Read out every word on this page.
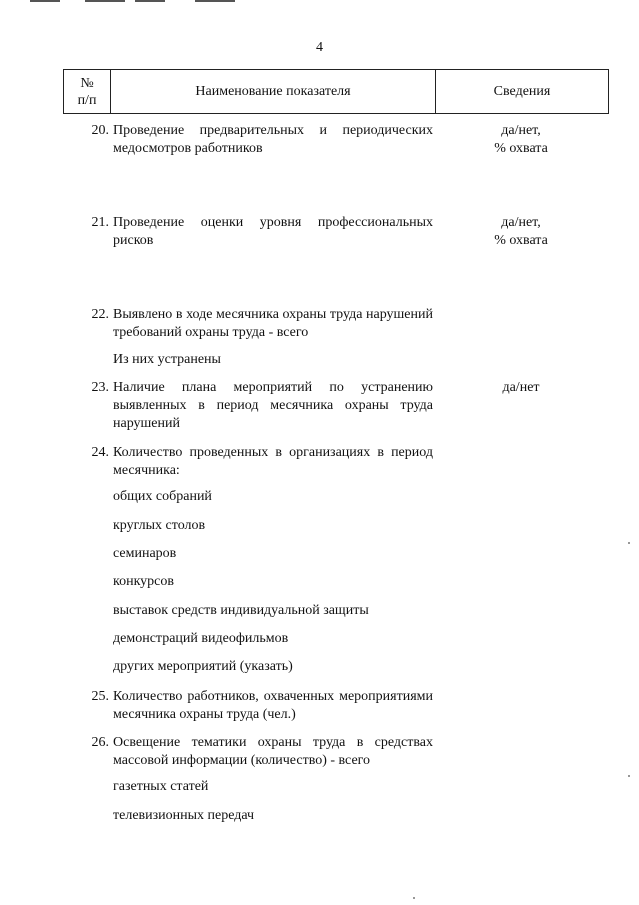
4
№
п/п
Наименование показателя	Сведения
20. Проведение предварительных и периодических медосмотров работников
да/нет,
% охвата
21. Проведение оценки уровня профессиональных рисков
да/нет,
% охвата
22. Выявлено в ходе месячника охраны труда нарушений требований охраны труда - всего
Из них устранены
23. Наличие плана мероприятий по устранению выявленных в период месячника охраны труда нарушений
да/нет
24. Количество проведенных в организациях в период месячника:
общих собраний
круглых столов
семинаров
конкурсов
выставок средств индивидуальной защиты
демонстраций видеофильмов
других мероприятий (указать)
25. Количество работников, охваченных мероприятиями месячника охраны труда (чел.)
26. Освещение тематики охраны труда в средствах массовой информации (количество) - всего
газетных статей
телевизионных передач
